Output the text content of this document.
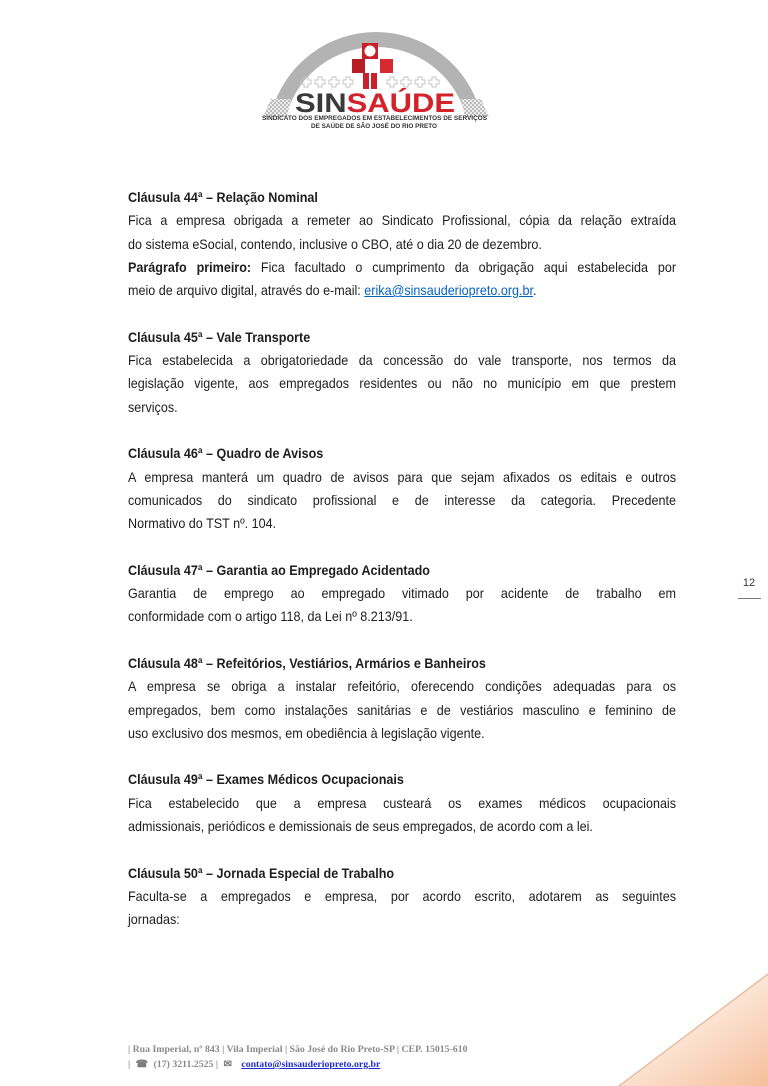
SIN SAÚDE
SINDICATO DOS EMPREGADOS EM ESTABELECIMENTOS DE SERVIÇOS
DE SAÚDE DE SÃO JOSÉ DO RIO PRETO
Cláusula 44ª – Relação Nominal
Fica a empresa obrigada a remeter ao Sindicato Profissional, cópia da relação extraída
do sistema eSocial, contendo, inclusive o CBO, até o dia 20 de dezembro.
Parágrafo primeiro: Fica facultado o cumprimento da obrigação aqui estabelecida por
meio de arquivo digital, através do e-mail: erika@sinsauderiopreto.org.br.
Cláusula 45ª – Vale Transporte
Fica estabelecida a obrigatoriedade da concessão do vale transporte, nos termos da
legislação vigente, aos empregados residentes ou não no município em que prestem
serviços.
Cláusula 46ª – Quadro de Avisos
A empresa manterá um quadro de avisos para que sejam afixados os editais e outros
comunicados do sindicato profissional e de interesse da categoria. Precedente
Normativo do TST nº. 104.
Cláusula 47ª – Garantia ao Empregado Acidentado
Garantia de emprego ao empregado vitimado por acidente de trabalho em
conformidade com o artigo 118, da Lei nº 8.213/91.
Cláusula 48ª – Refeitórios, Vestiários, Armários e Banheiros
A empresa se obriga a instalar refeitório, oferecendo condições adequadas para os
empregados, bem como instalações sanitárias e de vestiários masculino e feminino de
uso exclusivo dos mesmos, em obediência à legislação vigente.
Cláusula 49ª – Exames Médicos Ocupacionais
Fica estabelecido que a empresa custeará os exames médicos ocupacionais
admissionais, periódicos e demissionais de seus empregados, de acordo com a lei.
Cláusula 50ª – Jornada Especial de Trabalho
Faculta-se a empregados e empresa, por acordo escrito, adotarem as seguintes
jornadas:
12
| Rua Imperial, nº 843 | Vila Imperial | São José do Rio Preto-SP | CEP. 15015-610
| ☎ (17) 3211.2525 | ✉ contato@sinsauderiopreto.org.br
